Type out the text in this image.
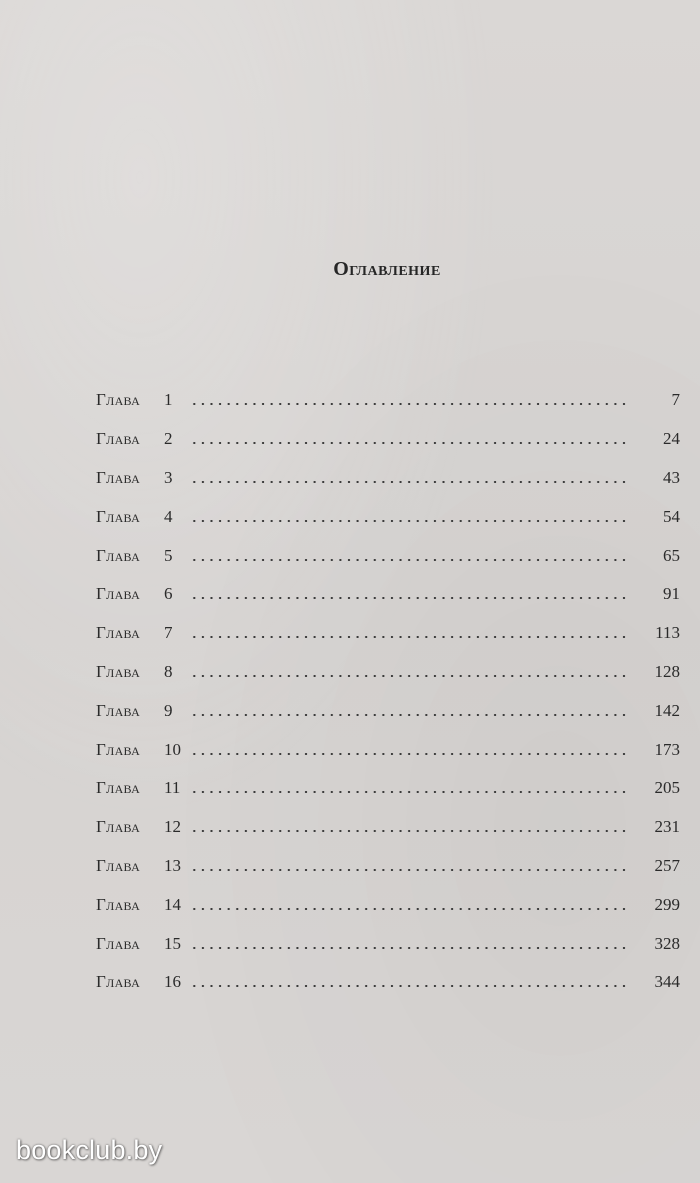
Оглавление
Глава	1	7
Глава	2	24
Глава	3	43
Глава	4	54
Глава	5	65
Глава	6	91
Глава	7	113
Глава	8	128
Глава	9	142
Глава	10	173
Глава	11	205
Глава	12	231
Глава	13	257
Глава	14	299
Глава	15	328
Глава	16	344
bookclub.by
